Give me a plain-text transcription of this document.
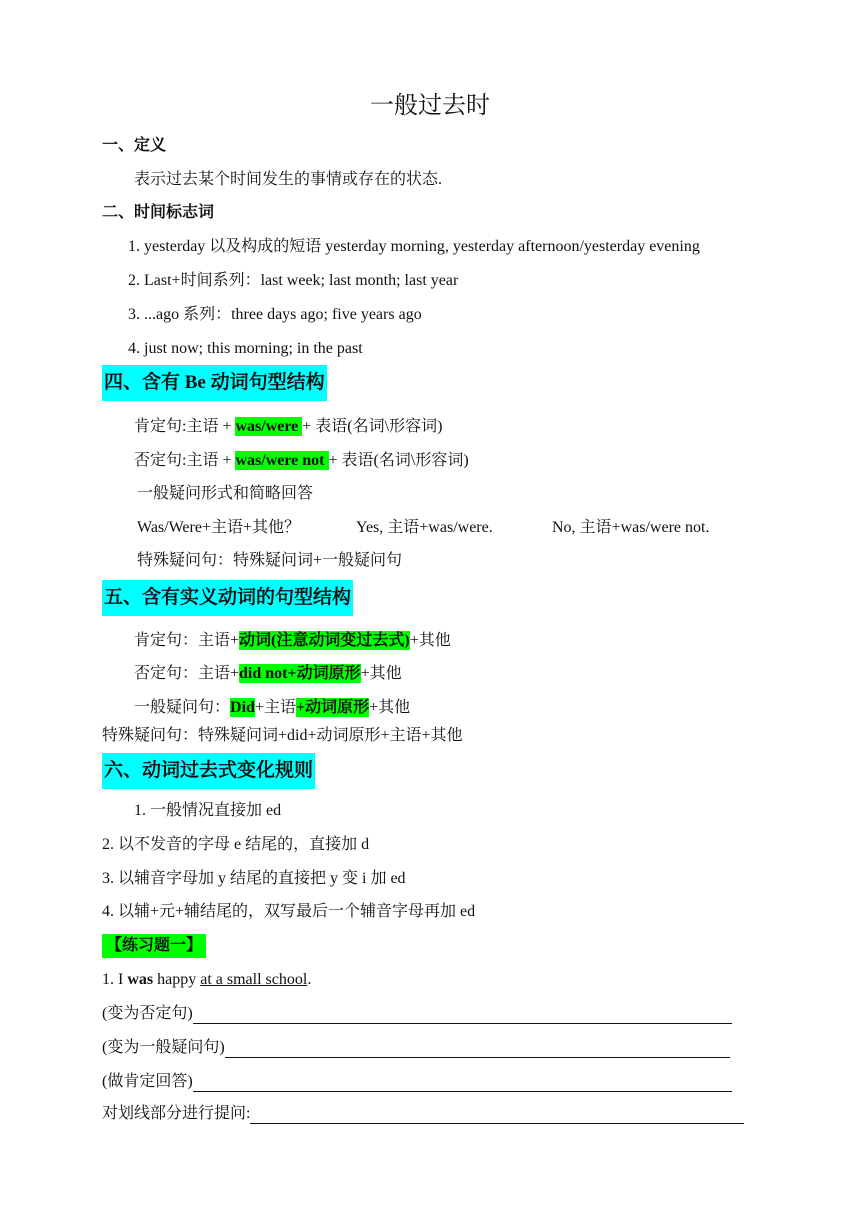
一般过去时
一、定义
表示过去某个时间发生的事情或存在的状态.
二、时间标志词
1. yesterday 以及构成的短语 yesterday morning, yesterday afternoon/yesterday evening
2. Last+时间系列：last week; last month; last year
3. ...ago 系列：three days ago; five years ago
4. just now; this morning; in the past
四、含有 Be 动词句型结构
肯定句:主语 + was/were + 表语(名词\形容词)
否定句:主语 + was/were not + 表语(名词\形容词)
一般疑问形式和简略回答
Was/Were+主语+其他？	Yes, 主语+was/were.	No, 主语+was/were not.
特殊疑问句：特殊疑问词+一般疑问句
五、含有实义动词的句型结构
肯定句：主语+动词(注意动词变过去式)+其他
否定句：主语+did not+动词原形+其他
一般疑问句：Did+主语+动词原形+其他
特殊疑问句：特殊疑问词+did+动词原形+主语+其他
六、动词过去式变化规则
1. 一般情况直接加 ed
2. 以不发音的字母 e 结尾的，直接加 d
3. 以辅音字母加 y 结尾的直接把 y 变 i 加 ed
4. 以辅+元+辅结尾的，双写最后一个辅音字母再加 ed
【练习题一】
1. I was happy at a small school.
(变为否定句)
(变为一般疑问句)
(做肯定回答)
对划线部分进行提问:
